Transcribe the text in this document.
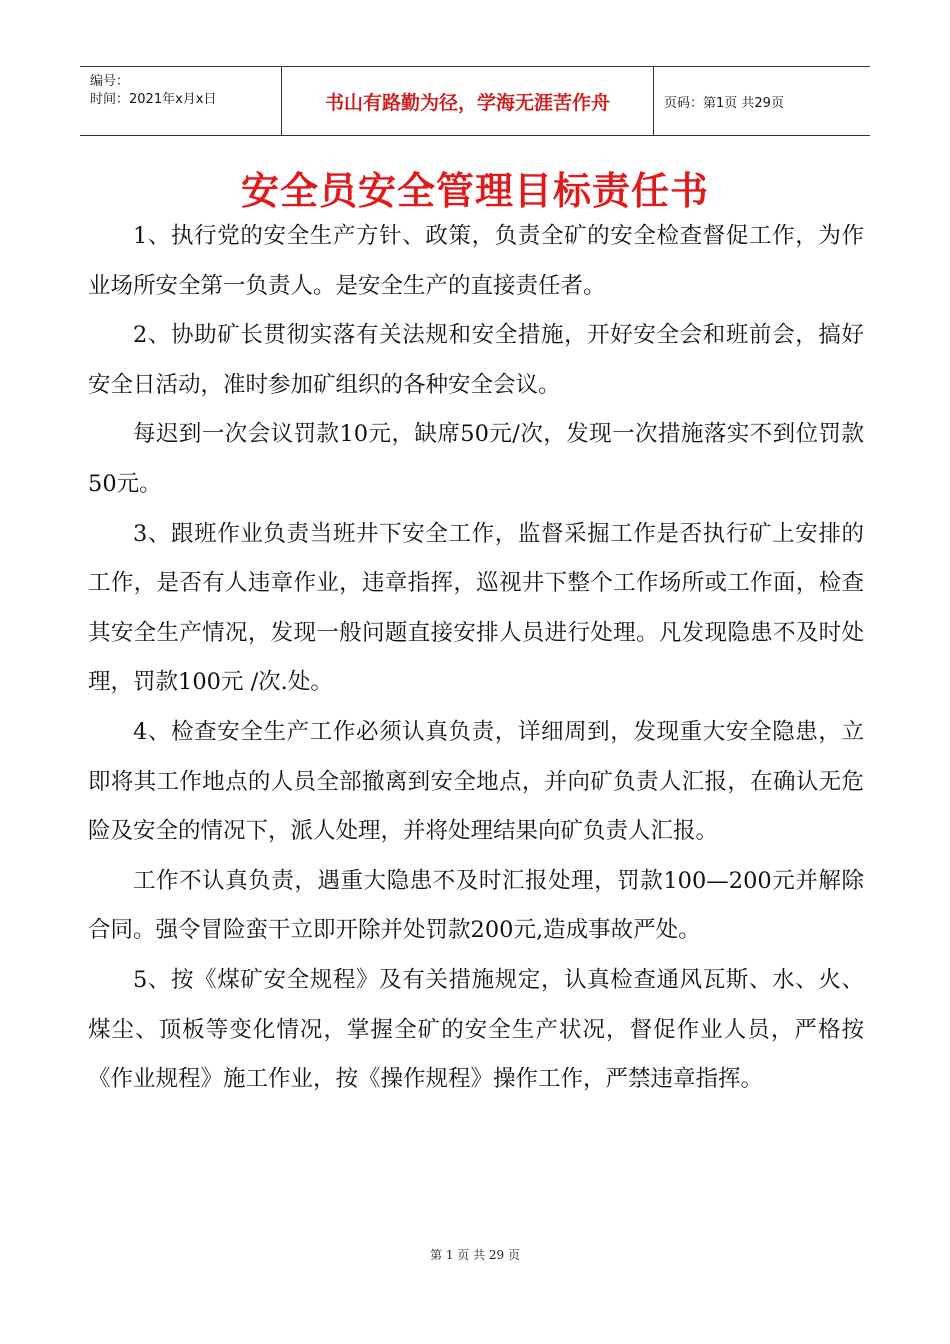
编号：
时间：2021年x月x日	书山有路勤为径，学海无涯苦作舟	页码：第1页 共29页
安全员安全管理目标责任书

1、执行党的安全生产方针、政策，负责全矿的安全检查督促工作，为作业场所安全第一负责人。是安全生产的直接责任者。

2、协助矿长贯彻实落有关法规和安全措施，开好安全会和班前会，搞好安全日活动，准时参加矿组织的各种安全会议。

每迟到一次会议罚款10元，缺席50元/次，发现一次措施落实不到位罚款50元。

3、跟班作业负责当班井下安全工作，监督采掘工作是否执行矿上安排的工作，是否有人违章作业，违章指挥，巡视井下整个工作场所或工作面，检查其安全生产情况，发现一般问题直接安排人员进行处理。凡发现隐患不及时处理，罚款100元 /次.处。

4、检查安全生产工作必须认真负责，详细周到，发现重大安全隐患，立即将其工作地点的人员全部撤离到安全地点，并向矿负责人汇报，在确认无危险及安全的情况下，派人处理，并将处理结果向矿负责人汇报。

工作不认真负责，遇重大隐患不及时汇报处理，罚款100—200元并解除合同。强令冒险蛮干立即开除并处罚款200元,造成事故严处。

5、按《煤矿安全规程》及有关措施规定，认真检查通风瓦斯、水、火、煤尘、顶板等变化情况，掌握全矿的安全生产状况，督促作业人员，严格按《作业规程》施工作业，按《操作规程》操作工作，严禁违章指挥。

第 1 页 共 29 页
